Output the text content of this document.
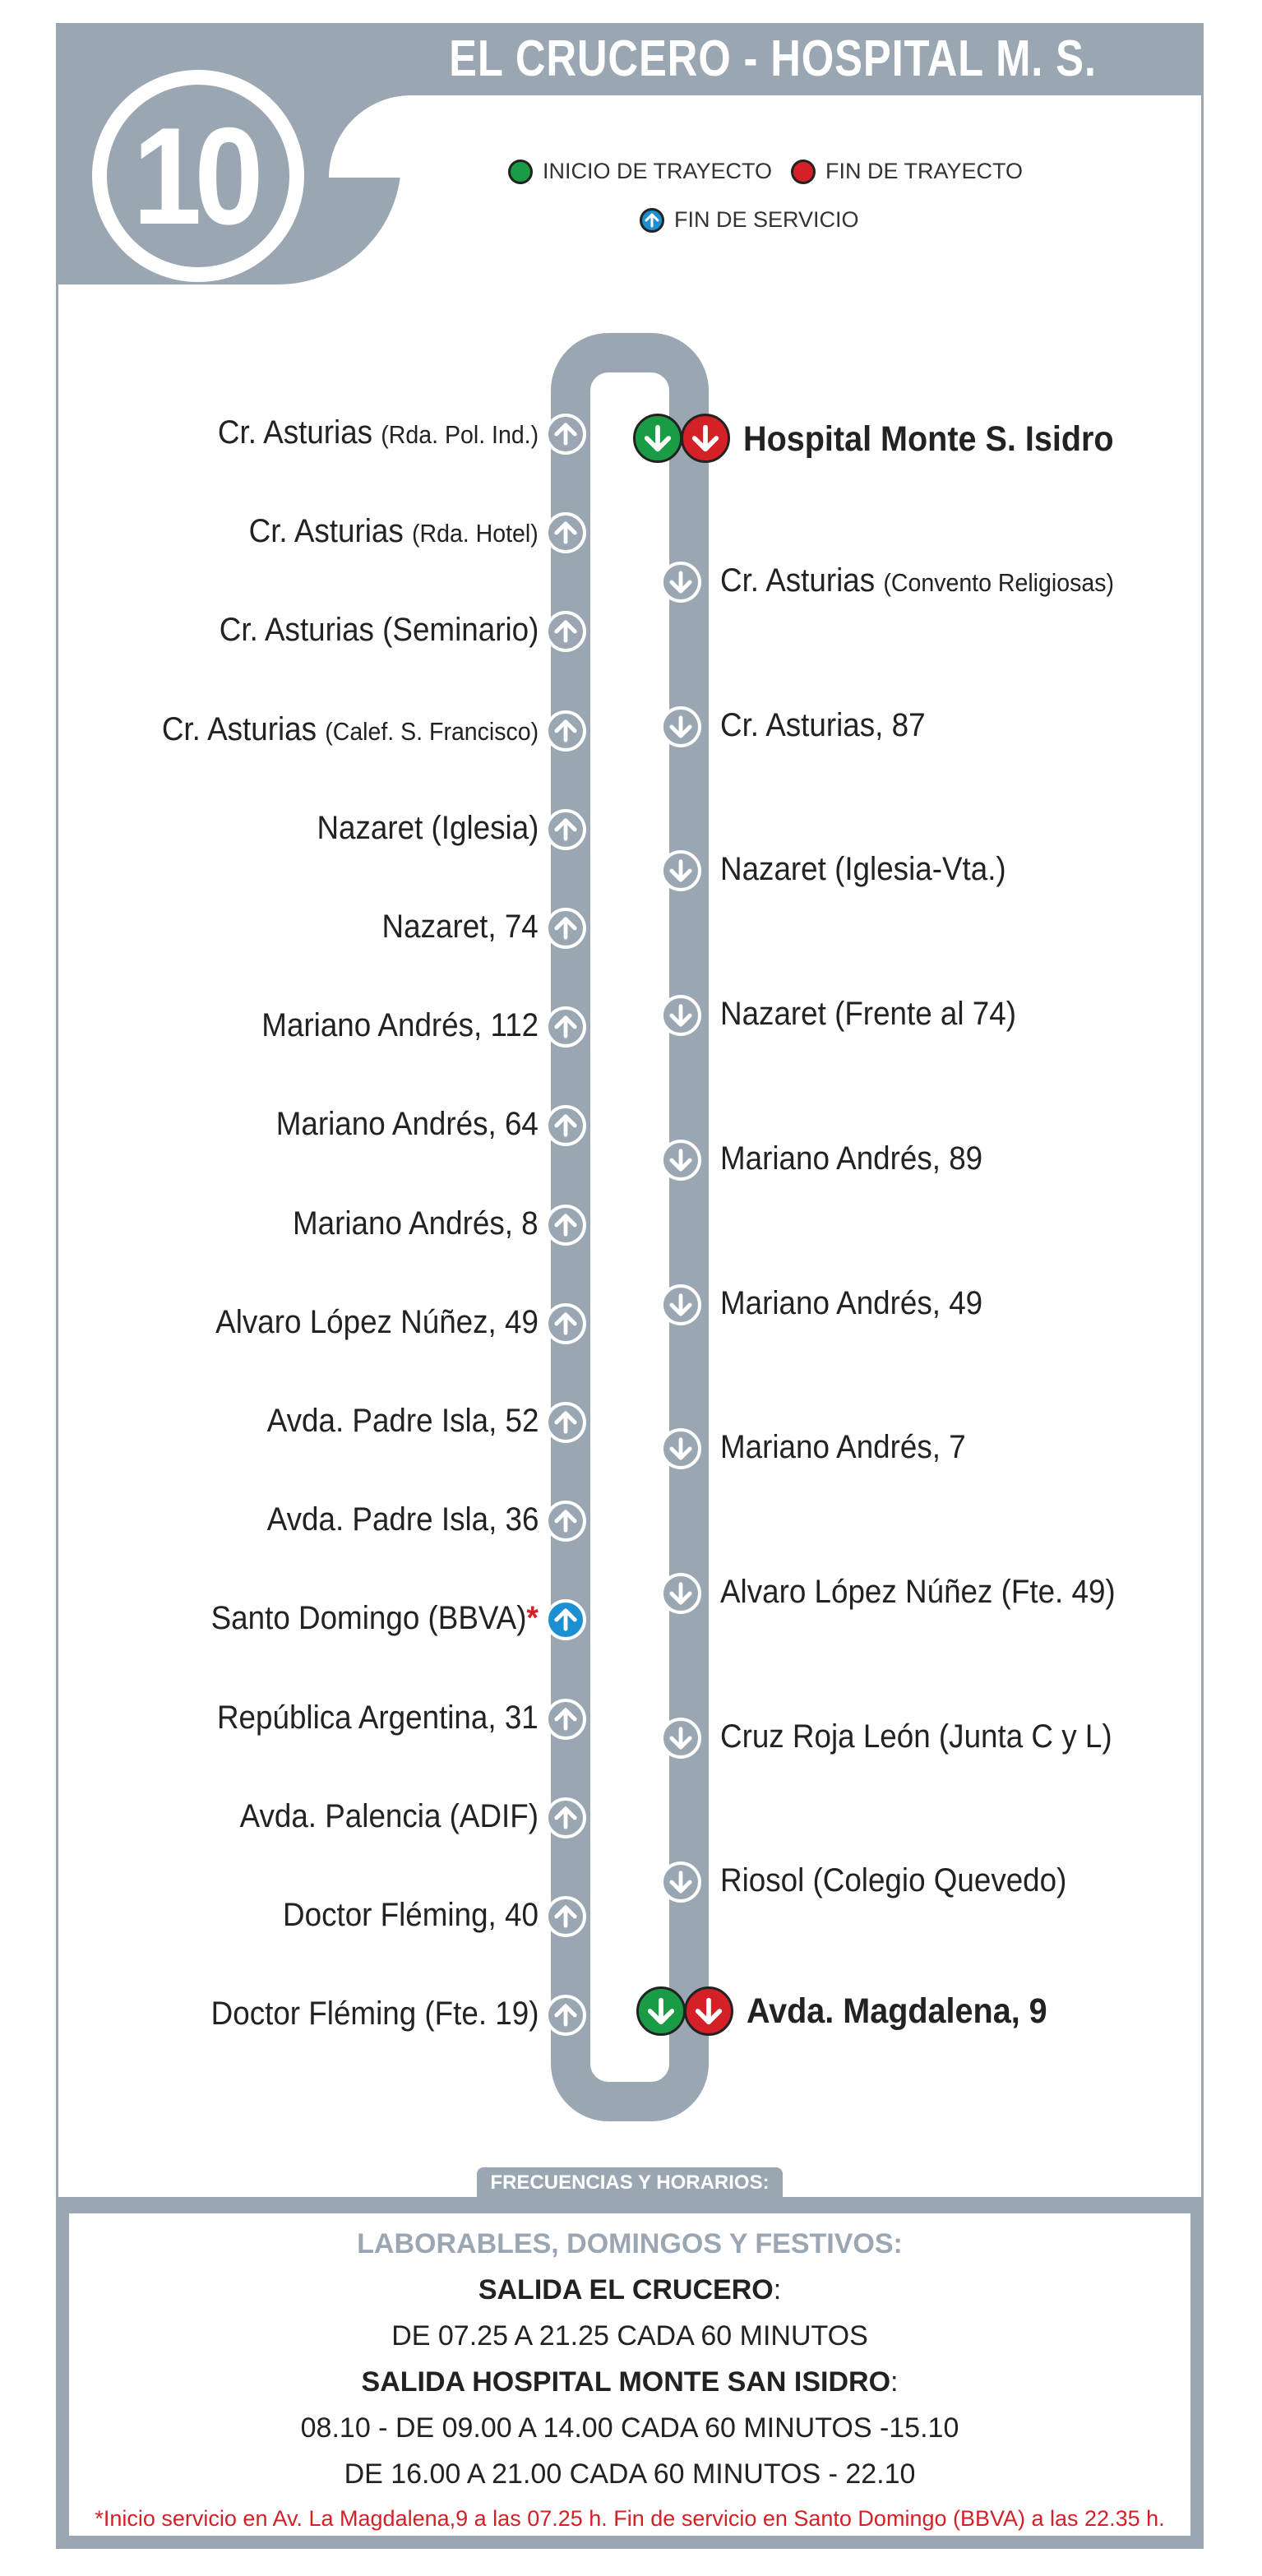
EL CRUCERO - HOSPITAL M. S. ISIDRO
10	INICIO DE TRAYECTO FIN DE TRAYECTO
FIN DE SERVICIO
Cr. Asturias (Rda. Pol. Ind.)
Cr. Asturias (Rda. Hotel)
Cr. Asturias (Seminario)
Cr. Asturias (Calef. S. Francisco)
Nazaret (Iglesia)
Nazaret, 74
Mariano Andrés, 112
Mariano Andrés, 64
Mariano Andrés, 8
Alvaro López Núñez, 49
Avda. Padre Isla, 52
Avda. Padre Isla, 36
Santo Domingo (BBVA)*
República Argentina, 31
Avda. Palencia (ADIF)
Doctor Fléming, 40
Doctor Fléming (Fte. 19)
Cr. Asturias (Convento Religiosas)
Cr. Asturias, 87
Nazaret (Iglesia-Vta.)
Nazaret (Frente al 74)
Mariano Andrés, 89
Mariano Andrés, 49
Mariano Andrés, 7
Alvaro López Núñez (Fte. 49)
Cruz Roja León (Junta C y L)
Riosol (Colegio Quevedo)
Hospital Monte S. Isidro
Avda. Magdalena, 9
FRECUENCIAS Y HORARIOS:
LABORABLES, DOMINGOS Y FESTIVOS:
SALIDA EL CRUCERO:
DE 07.25 A 21.25 CADA 60 MINUTOS
SALIDA HOSPITAL MONTE SAN ISIDRO:
08.10 - DE 09.00 A 14.00 CADA 60 MINUTOS -15.10
DE 16.00 A 21.00 CADA 60 MINUTOS - 22.10
*Inicio servicio en Av. La Magdalena,9 a las 07.25 h. Fin de servicio en Santo Domingo (BBVA) a las 22.35 h.
